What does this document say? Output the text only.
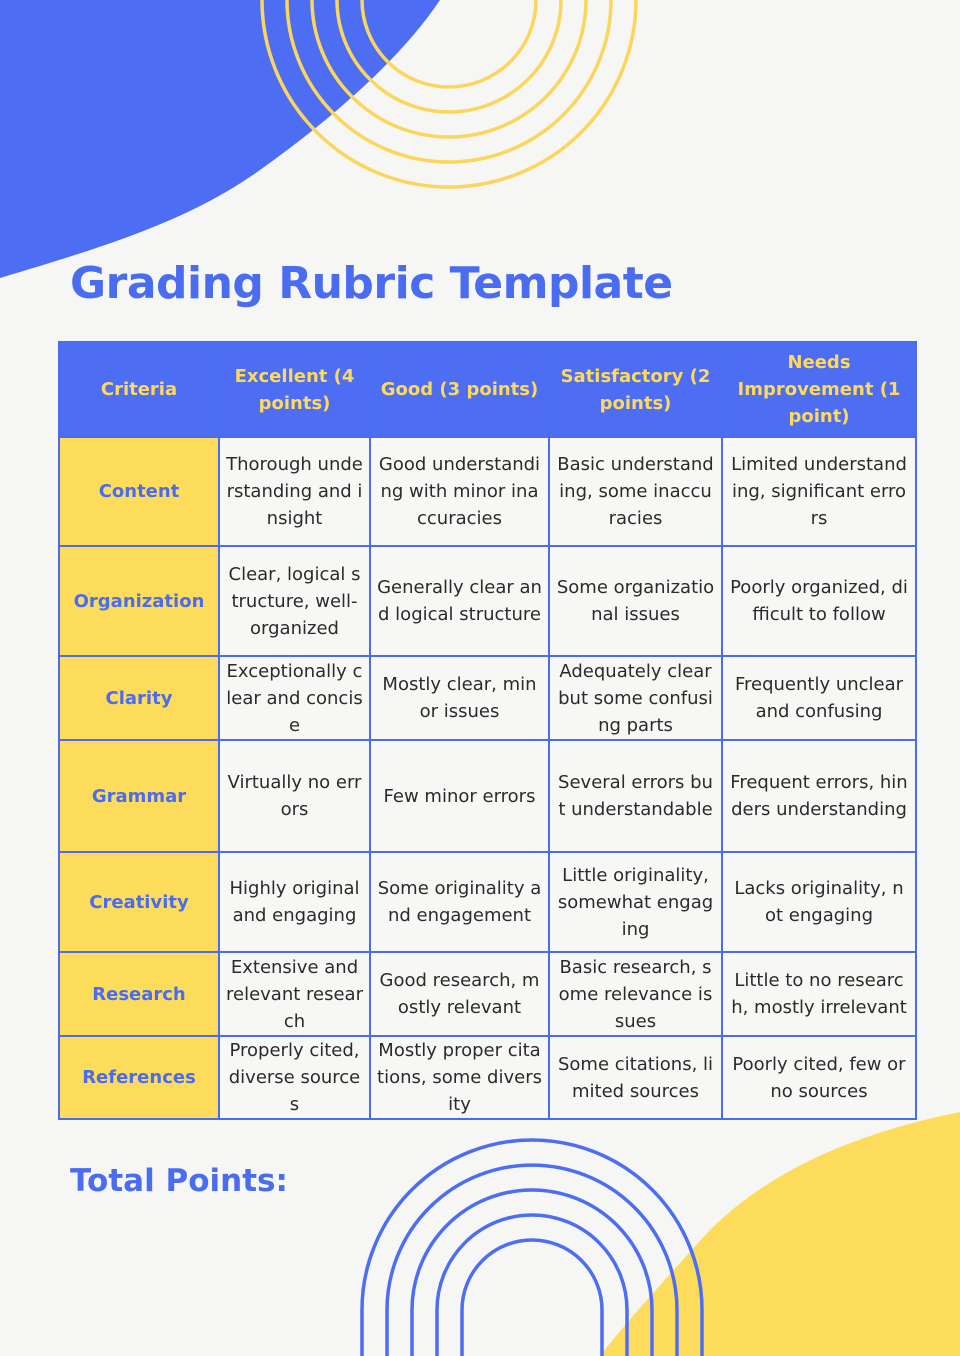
Grading Rubric Template
Criteria	Excellent (4 points)	Good (3 points)	Satisfactory (2 points)	Needs Improvement (1 point)
Content	Thorough understanding and insight	Good understanding with minor inaccuracies	Basic understanding, some inaccuracies	Limited understanding, significant errors
Organization	Clear, logical structure, well-organized	Generally clear and logical structure	Some organizational issues	Poorly organized, difficult to follow
Clarity	Exceptionally clear and concise	Mostly clear, minor issues	Adequately clear but some confusing parts	Frequently unclear and confusing
Grammar	Virtually no errors	Few minor errors	Several errors but understandable	Frequent errors, hinders understanding
Creativity	Highly original and engaging	Some originality and engagement	Little originality, somewhat engaging	Lacks originality, not engaging
Research	Extensive and relevant research	Good research, mostly relevant	Basic research, some relevance issues	Little to no research, mostly irrelevant
References	Properly cited, diverse sources	Mostly proper citations, some diversity	Some citations, limited sources	Poorly cited, few or no sources
Total Points:
